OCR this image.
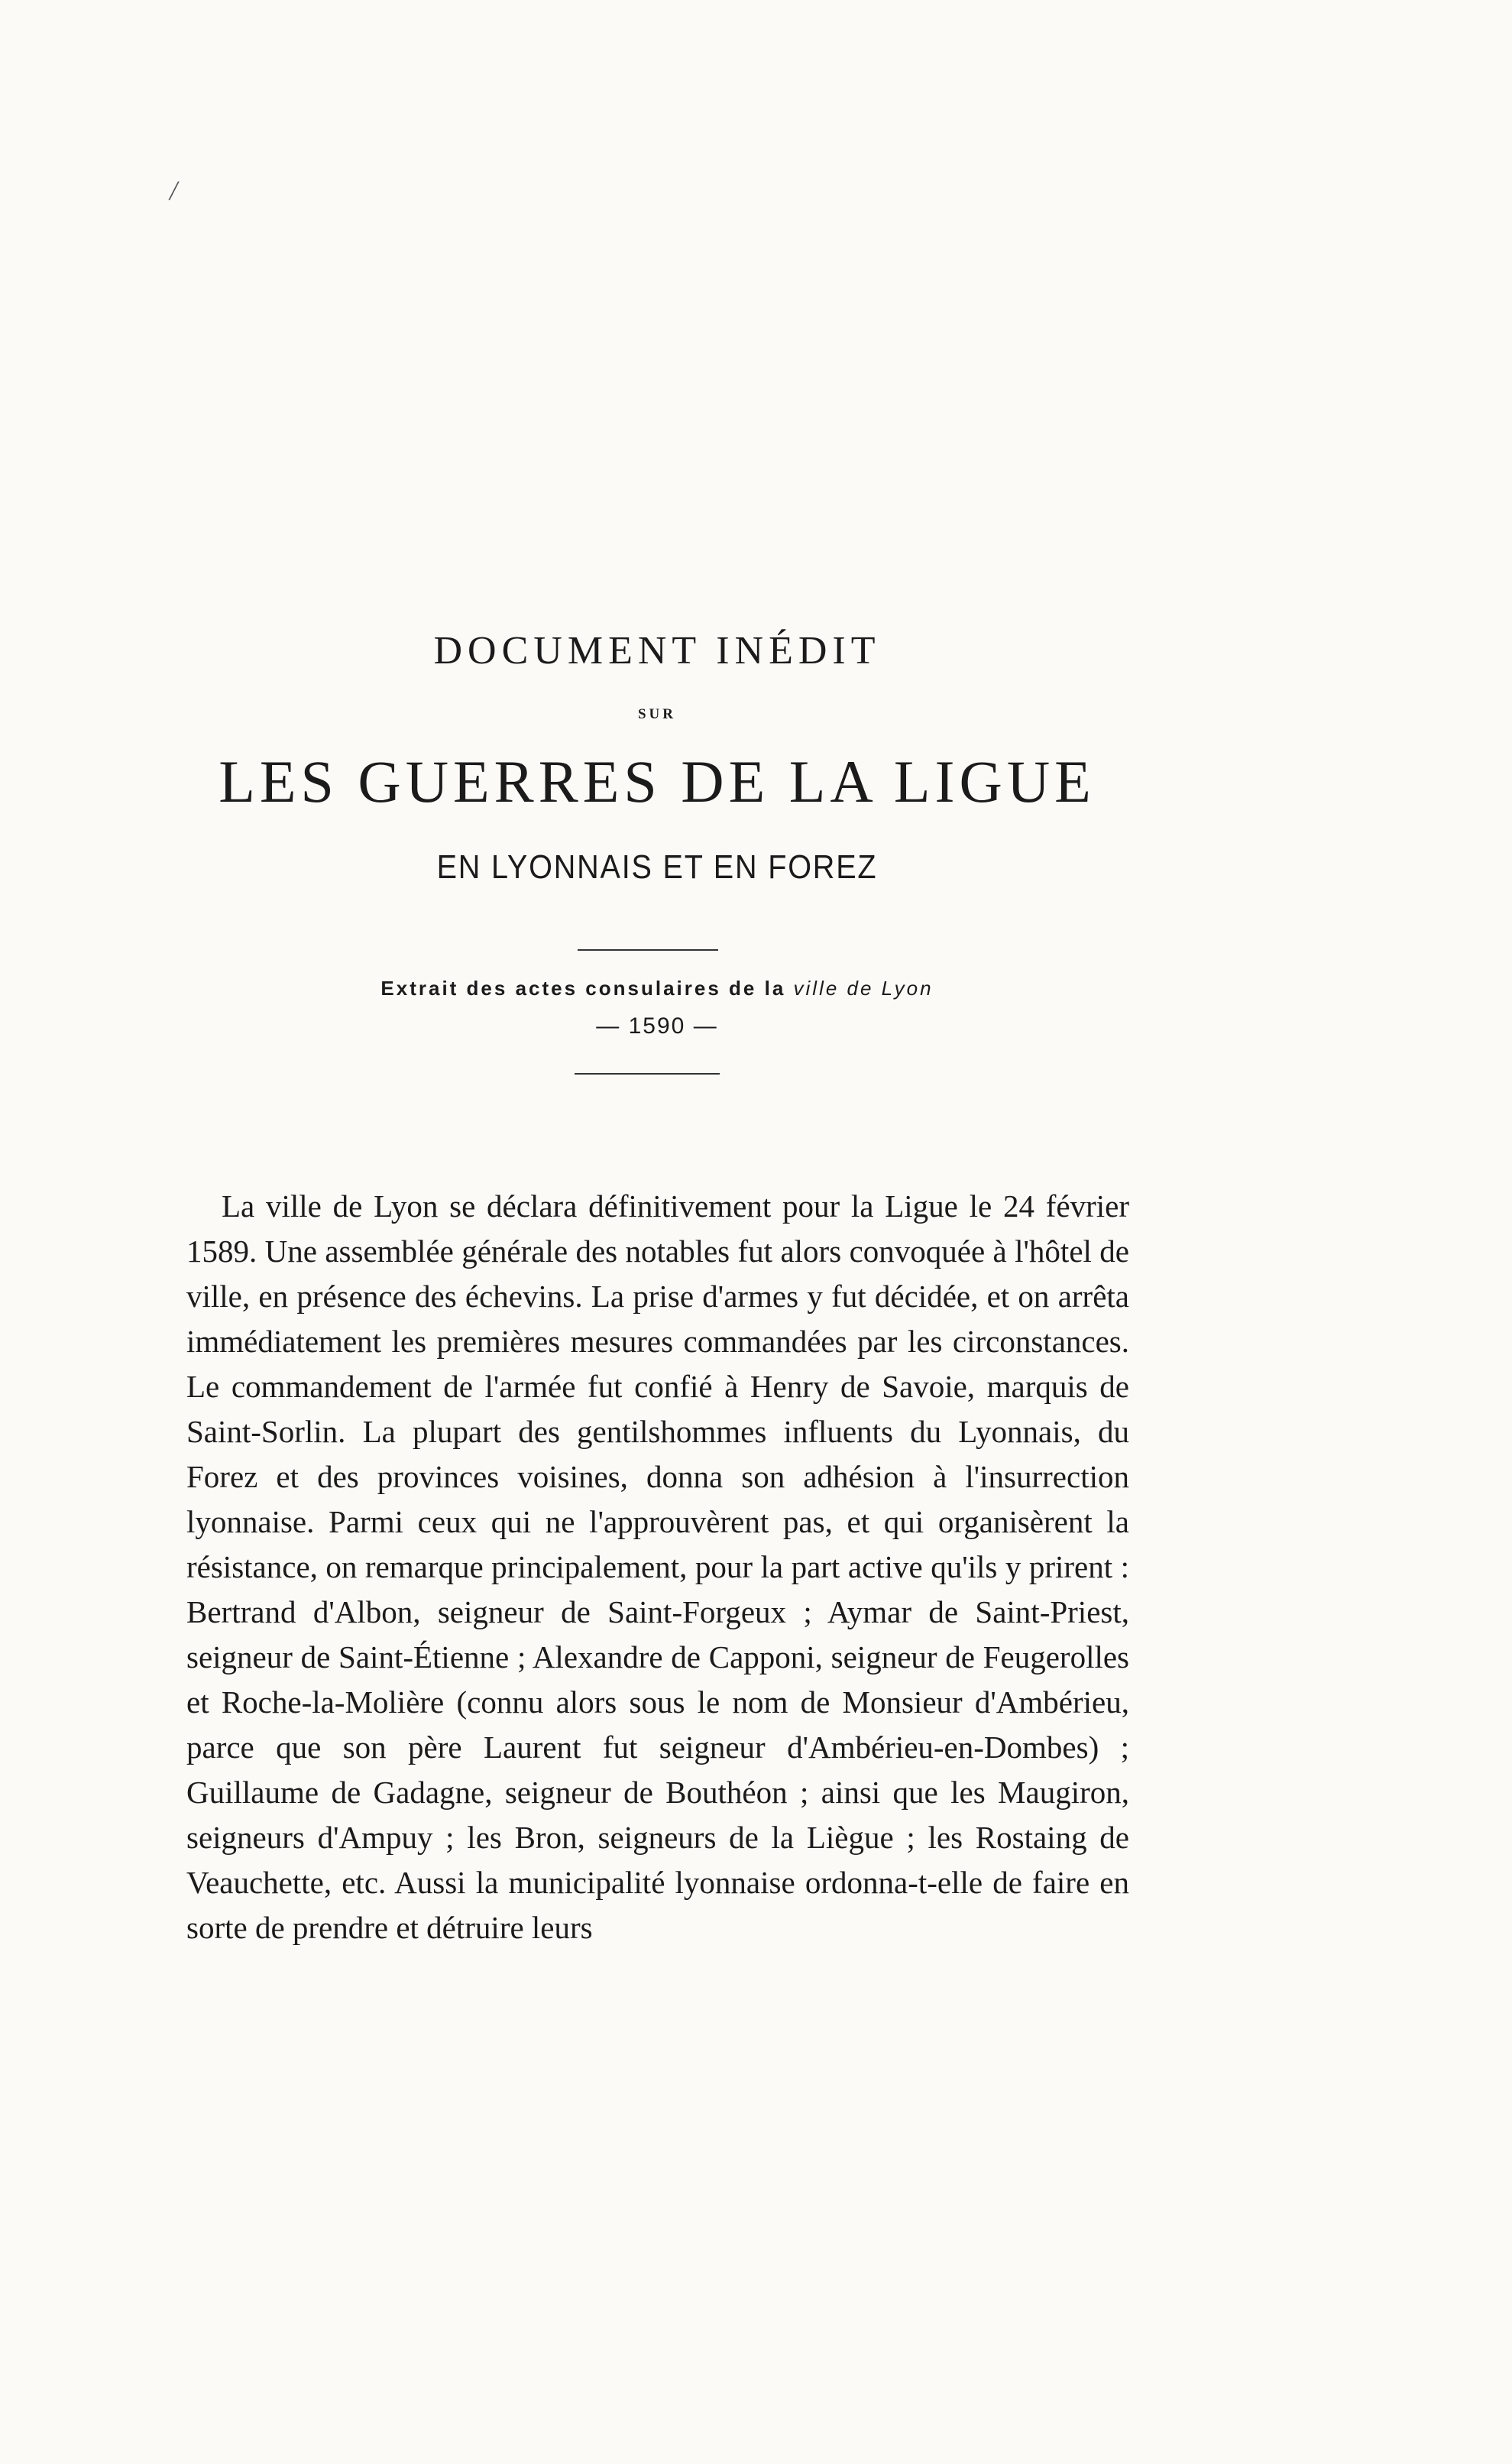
/
DOCUMENT INÉDIT
SUR
LES GUERRES DE LA LIGUE
EN LYONNAIS ET EN FOREZ
Extrait des actes consulaires de la ville de Lyon
— 1590 —

La ville de Lyon se déclara définitivement pour la Ligue le 24 février 1589. Une assemblée générale des notables fut alors convoquée à l'hôtel de ville, en présence des échevins. La prise d'armes y fut décidée, et on arrêta immédiatement les premières mesures commandées par les circonstances. Le commandement de l'armée fut confié à Henry de Savoie, marquis de Saint-Sorlin. La plupart des gentilshommes influents du Lyonnais, du Forez et des provinces voisines, donna son adhésion à l'insurrection lyonnaise. Parmi ceux qui ne l'approuvèrent pas, et qui organisèrent la résistance, on remarque principalement, pour la part active qu'ils y prirent : Bertrand d'Albon, seigneur de Saint-Forgeux ; Aymar de Saint-Priest, seigneur de Saint-Étienne ; Alexandre de Capponi, seigneur de Feugerolles et Roche-la-Molière (connu alors sous le nom de Monsieur d'Ambérieu, parce que son père Laurent fut seigneur d'Ambérieu-en-Dombes) ; Guillaume de Gadagne, seigneur de Bouthéon ; ainsi que les Maugiron, seigneurs d'Ampuy ; les Bron, seigneurs de la Liègue ; les Rostaing de Veauchette, etc. Aussi la municipalité lyonnaise ordonna-t-elle de faire en sorte de prendre et détruire leurs
